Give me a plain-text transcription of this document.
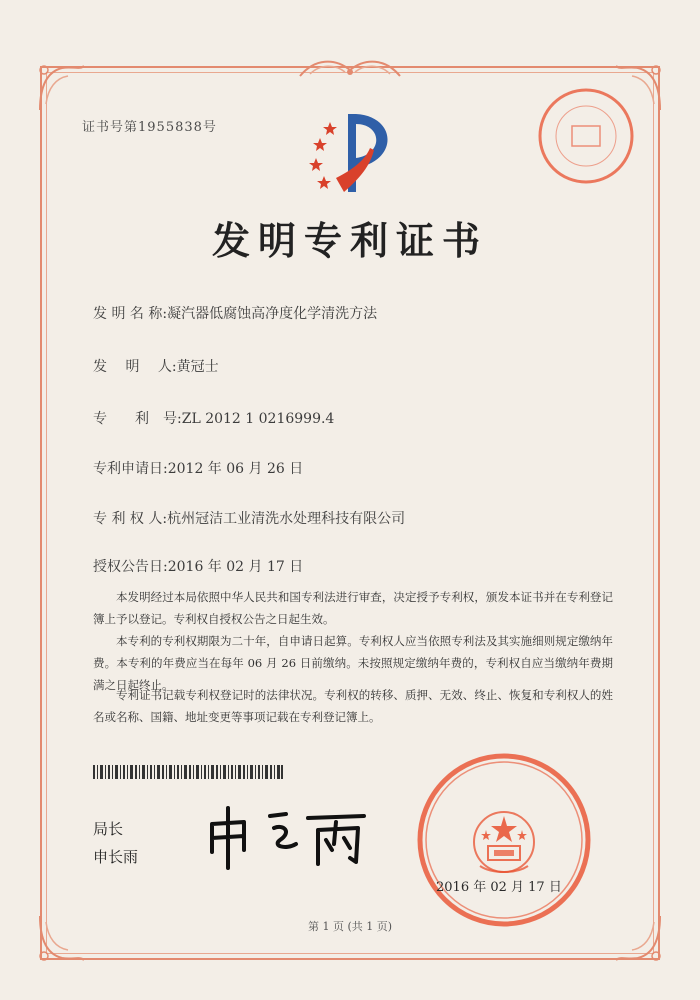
证书号第1955838号
发明专利证书
发 明 名 称:凝汽器低腐蚀高净度化学清洗方法
发　 明 　人:黄冠士
专　　利　号:ZL 2012 1 0216999.4
专利申请日:2012 年 06 月 26 日
专 利 权 人:杭州冠洁工业清洗水处理科技有限公司
授权公告日:2016 年 02 月 17 日

本发明经过本局依照中华人民共和国专利法进行审查，决定授予专利权，颁发本证书并在专利登记簿上予以登记。专利权自授权公告之日起生效。

本专利的专利权期限为二十年，自申请日起算。专利权人应当依照专利法及其实施细则规定缴纳年费。本专利的年费应当在每年 06 月 26 日前缴纳。未按照规定缴纳年费的，专利权自应当缴纳年费期满之日起终止。

专利证书记载专利权登记时的法律状况。专利权的转移、质押、无效、终止、恢复和专利权人的姓名或名称、国籍、地址变更等事项记载在专利登记簿上。

局长
申长雨
2016 年 02 月 17 日
第 1 页 (共 1 页)
